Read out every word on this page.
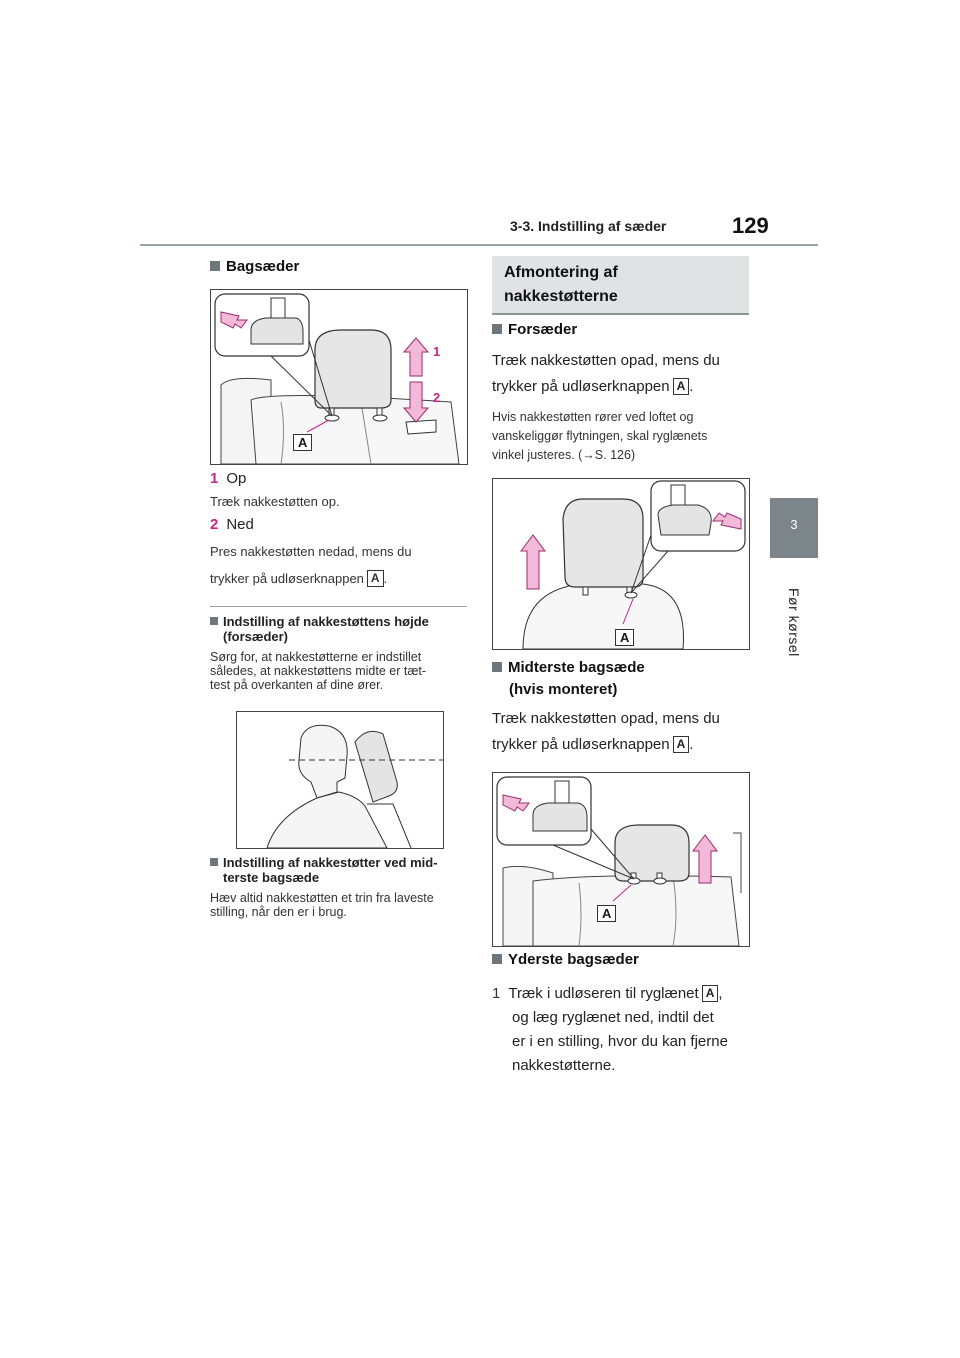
3-3. Indstilling af sæder	129
3
Før kørsel
Bagsæder
1
2
A
1 Op
Træk nakkestøtten op.
2 Ned
Pres nakkestøtten nedad, mens du
trykker på udløserknappen A .
Indstilling af nakkestøttens højde
(forsæder)
Sørg for, at nakkestøtterne er indstillet
således, at nakkestøttens midte er tæt-
test på overkanten af dine ører.
Indstilling af nakkestøtter ved mid-
terste bagsæde
Hæv altid nakkestøtten et trin fra laveste
stilling, når den er i brug.
Afmontering af
nakkestøtterne
Forsæder
Træk nakkestøtten opad, mens du
trykker på udløserknappen A .
Hvis nakkestøtten rører ved loftet og
vanskeliggør flytningen, skal ryglænets
vinkel justeres. (→S. 126)
A
Midterste bagsæde
(hvis monteret)
Træk nakkestøtten opad, mens du
trykker på udløserknappen A .
A
Yderste bagsæder
1 Træk i udløseren til ryglænet A ,
og læg ryglænet ned, indtil det
er i en stilling, hvor du kan fjerne
nakkestøtterne.
